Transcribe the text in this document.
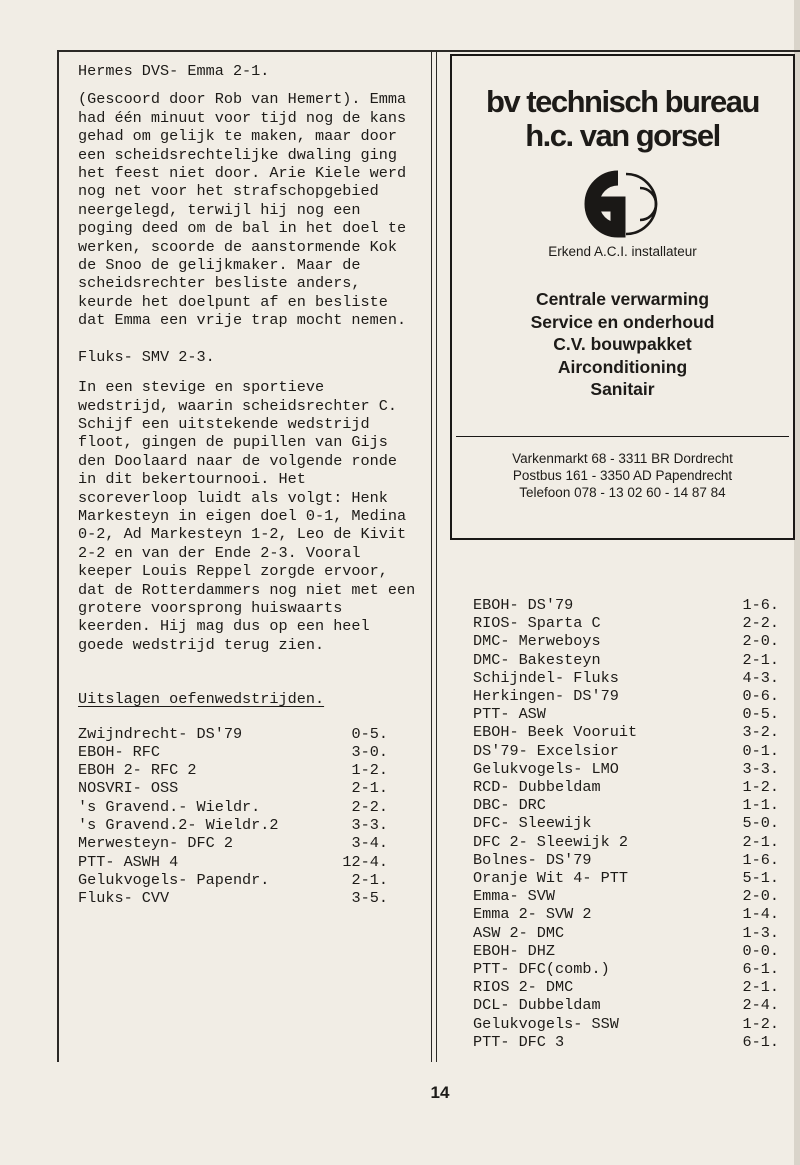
Hermes DVS- Emma 2-1.

(Gescoord door Rob van Hemert). Emma had één minuut voor tijd nog de kans gehad om gelijk te maken, maar door een scheidsrechtelijke dwaling ging het feest niet door. Arie Kiele werd nog net voor het strafschopgebied neergelegd, terwijl hij nog een poging deed om de bal in het doel te werken, scoorde de aanstormende Kok de Snoo de gelijkmaker. Maar de scheidsrechter besliste anders, keurde het doelpunt af en besliste dat Emma een vrije trap mocht nemen.

Fluks- SMV 2-3.

In een stevige en sportieve wedstrijd, waarin scheidsrechter C. Schijf een uitstekende wedstrijd floot, gingen de pupillen van Gijs den Doolaard naar de volgende ronde in dit bekertournooi. Het scoreverloop luidt als volgt: Henk Markesteyn in eigen doel 0-1, Medina 0-2, Ad Markesteyn 1-2, Leo de Kivit 2-2 en van der Ende 2-3. Vooral keeper Louis Reppel zorgde ervoor, dat de Rotterdammers nog niet met een grotere voorsprong huiswaarts keerden. Hij mag dus op een heel goede wedstrijd terug zien.

Uitslagen oefenwedstrijden.

Zwijndrecht- DS'79	0-5.
EBOH- RFC	3-0.
EBOH 2- RFC 2	1-2.
NOSVRI- OSS	2-1.
's Gravend.- Wieldr.	2-2.
's Gravend.2- Wieldr.2	3-3.
Merwesteyn- DFC 2	3-4.
PTT- ASWH 4	12-4.
Gelukvogels- Papendr.	2-1.
Fluks- CVV	3-5.
bv technisch bureau
h.c. van gorsel
Erkend A.C.I. installateur
Centrale verwarming
Service en onderhoud
C.V. bouwpakket
Airconditioning
Sanitair
Varkenmarkt 68 - 3311 BR Dordrecht
Postbus 161 - 3350 AD Papendrecht
Telefoon 078 - 13 02 60 - 14 87 84
EBOH- DS'79	1-6.
RIOS- Sparta C	2-2.
DMC- Merweboys	2-0.
DMC- Bakesteyn	2-1.
Schijndel- Fluks	4-3.
Herkingen- DS'79	0-6.
PTT- ASW	0-5.
EBOH- Beek Vooruit	3-2.
DS'79- Excelsior	0-1.
Gelukvogels- LMO	3-3.
RCD- Dubbeldam	1-2.
DBC- DRC	1-1.
DFC- Sleewijk	5-0.
DFC 2- Sleewijk 2	2-1.
Bolnes- DS'79	1-6.
Oranje Wit 4- PTT	5-1.
Emma- SVW	2-0.
Emma 2- SVW 2	1-4.
ASW 2- DMC	1-3.
EBOH- DHZ	0-0.
PTT- DFC(comb.)	6-1.
RIOS 2- DMC	2-1.
DCL- Dubbeldam	2-4.
Gelukvogels- SSW	1-2.
PTT- DFC 3	6-1.
14
